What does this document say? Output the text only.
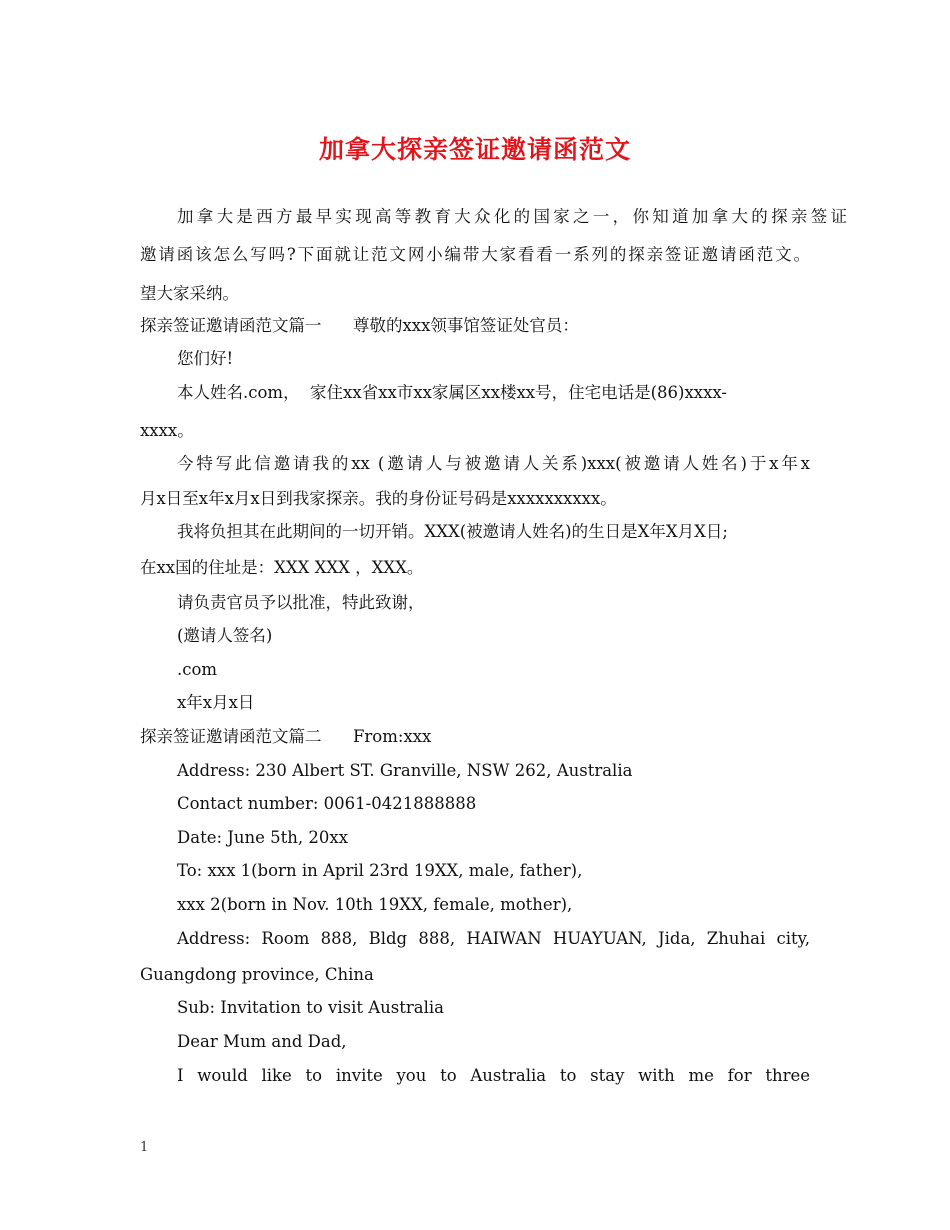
加拿大探亲签证邀请函范文
加拿大是西方最早实现高等教育大众化的国家之一，你知道加拿大的探亲签证
邀请函该怎么写吗?下面就让范文网小编带大家看看一系列的探亲签证邀请函范文。
望大家采纳。
探亲签证邀请函范文篇一      尊敬的xxx领事馆签证处官员：
您们好!
本人姓名.com，  家住xx省xx市xx家属区xx楼xx号，住宅电话是(86)xxxx-
xxxx。
今特写此信邀请我的xx (邀请人与被邀请人关系)xxx(被邀请人姓名)于x年x
月x日至x年x月x日到我家探亲。我的身份证号码是xxxxxxxxxx。
我将负担其在此期间的一切开销。XXX(被邀请人姓名)的生日是X年X月X日;
在xx国的住址是：XXX XXX ，XXX。
请负责官员予以批准，特此致谢，
(邀请人签名)
.com
x年x月x日
探亲签证邀请函范文篇二      From:xxx
Address: 230 Albert ST. Granville, NSW 262, Australia
Contact number: 0061-0421888888
Date: June 5th, 20xx
To: xxx 1(born in April 23rd 19XX, male, father),
xxx 2(born in Nov. 10th 19XX, female, mother),
Address: Room 888, Bldg 888, HAIWAN HUAYUAN, Jida, Zhuhai city,
Guangdong province, China
Sub: Invitation to visit Australia
Dear Mum and Dad,
I would like to invite you to Australia to stay with me for three
1
